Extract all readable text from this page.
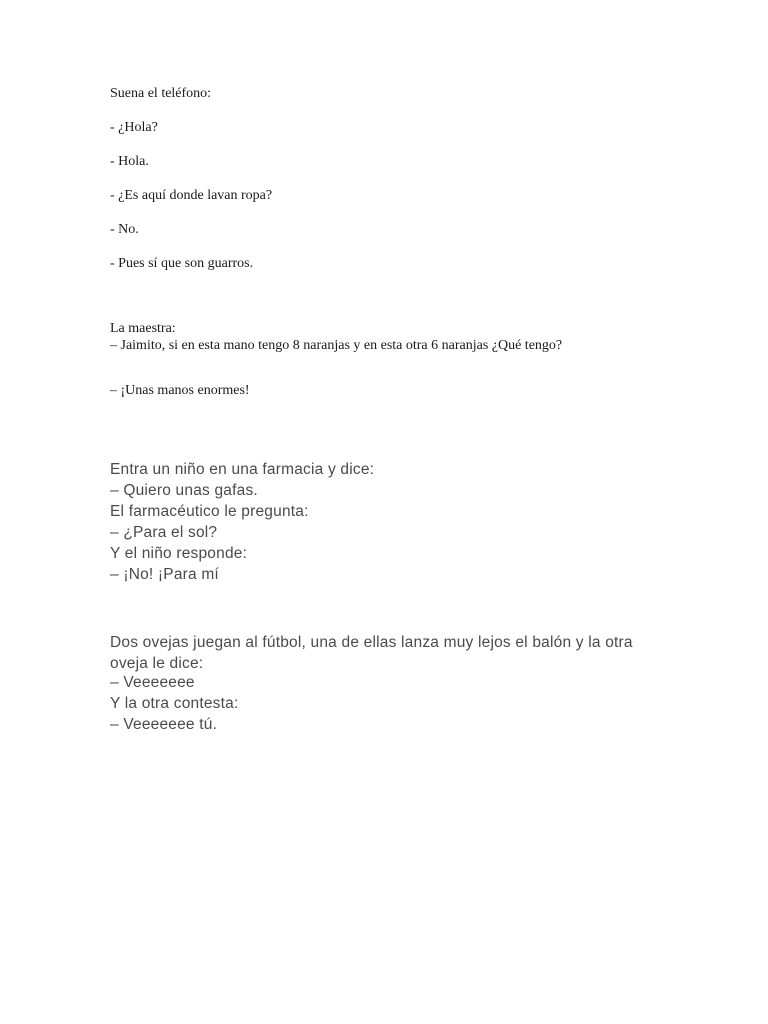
Suena el teléfono:
- ¿Hola?
- Hola.
- ¿Es aquí donde lavan ropa?
- No.
- Pues sí que son guarros.
La maestra:
– Jaimito, si en esta mano tengo 8 naranjas y en esta otra 6 naranjas ¿Qué tengo?
– ¡Unas manos enormes!
Entra un niño en una farmacia y dice:
– Quiero unas gafas.
El farmacéutico le pregunta:
– ¿Para el sol?
Y el niño responde:
– ¡No! ¡Para mí
Dos ovejas juegan al fútbol, una de ellas lanza muy lejos el balón y la otra oveja le dice:
– Veeeeeee
Y la otra contesta:
– Veeeeeee tú.
